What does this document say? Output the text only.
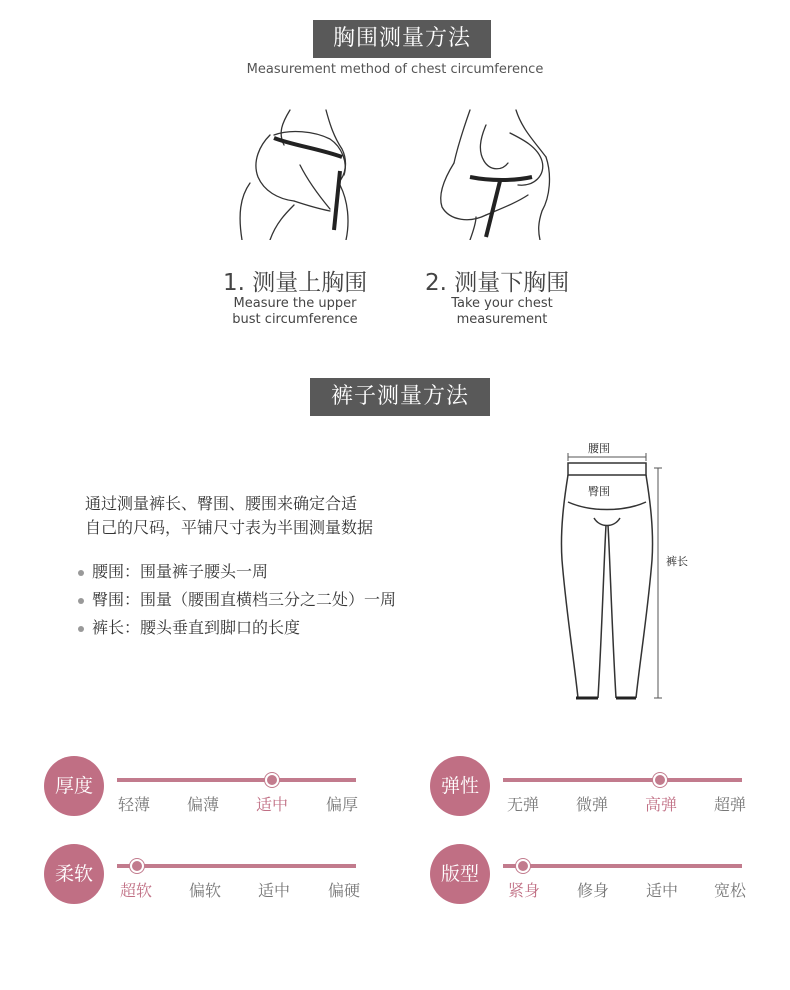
胸围测量方法
Measurement method of chest circumference
1. 测量上胸围
Measure the upper
bust circumference
2. 测量下胸围
Take your chest
measurement
裤子测量方法
通过测量裤长、臀围、腰围来确定合适
自己的尺码，平铺尺寸表为半围测量数据
腰围：围量裤子腰头一周
臀围：围量（腰围直横档三分之二处）一周
裤长：腰头垂直到脚口的长度
腰围
臀围
裤长
厚度
轻薄	偏薄	适中	偏厚
弹性
无弹	微弹	高弹	超弹
柔软
超软	偏软	适中	偏硬
版型
紧身	修身	适中	宽松
